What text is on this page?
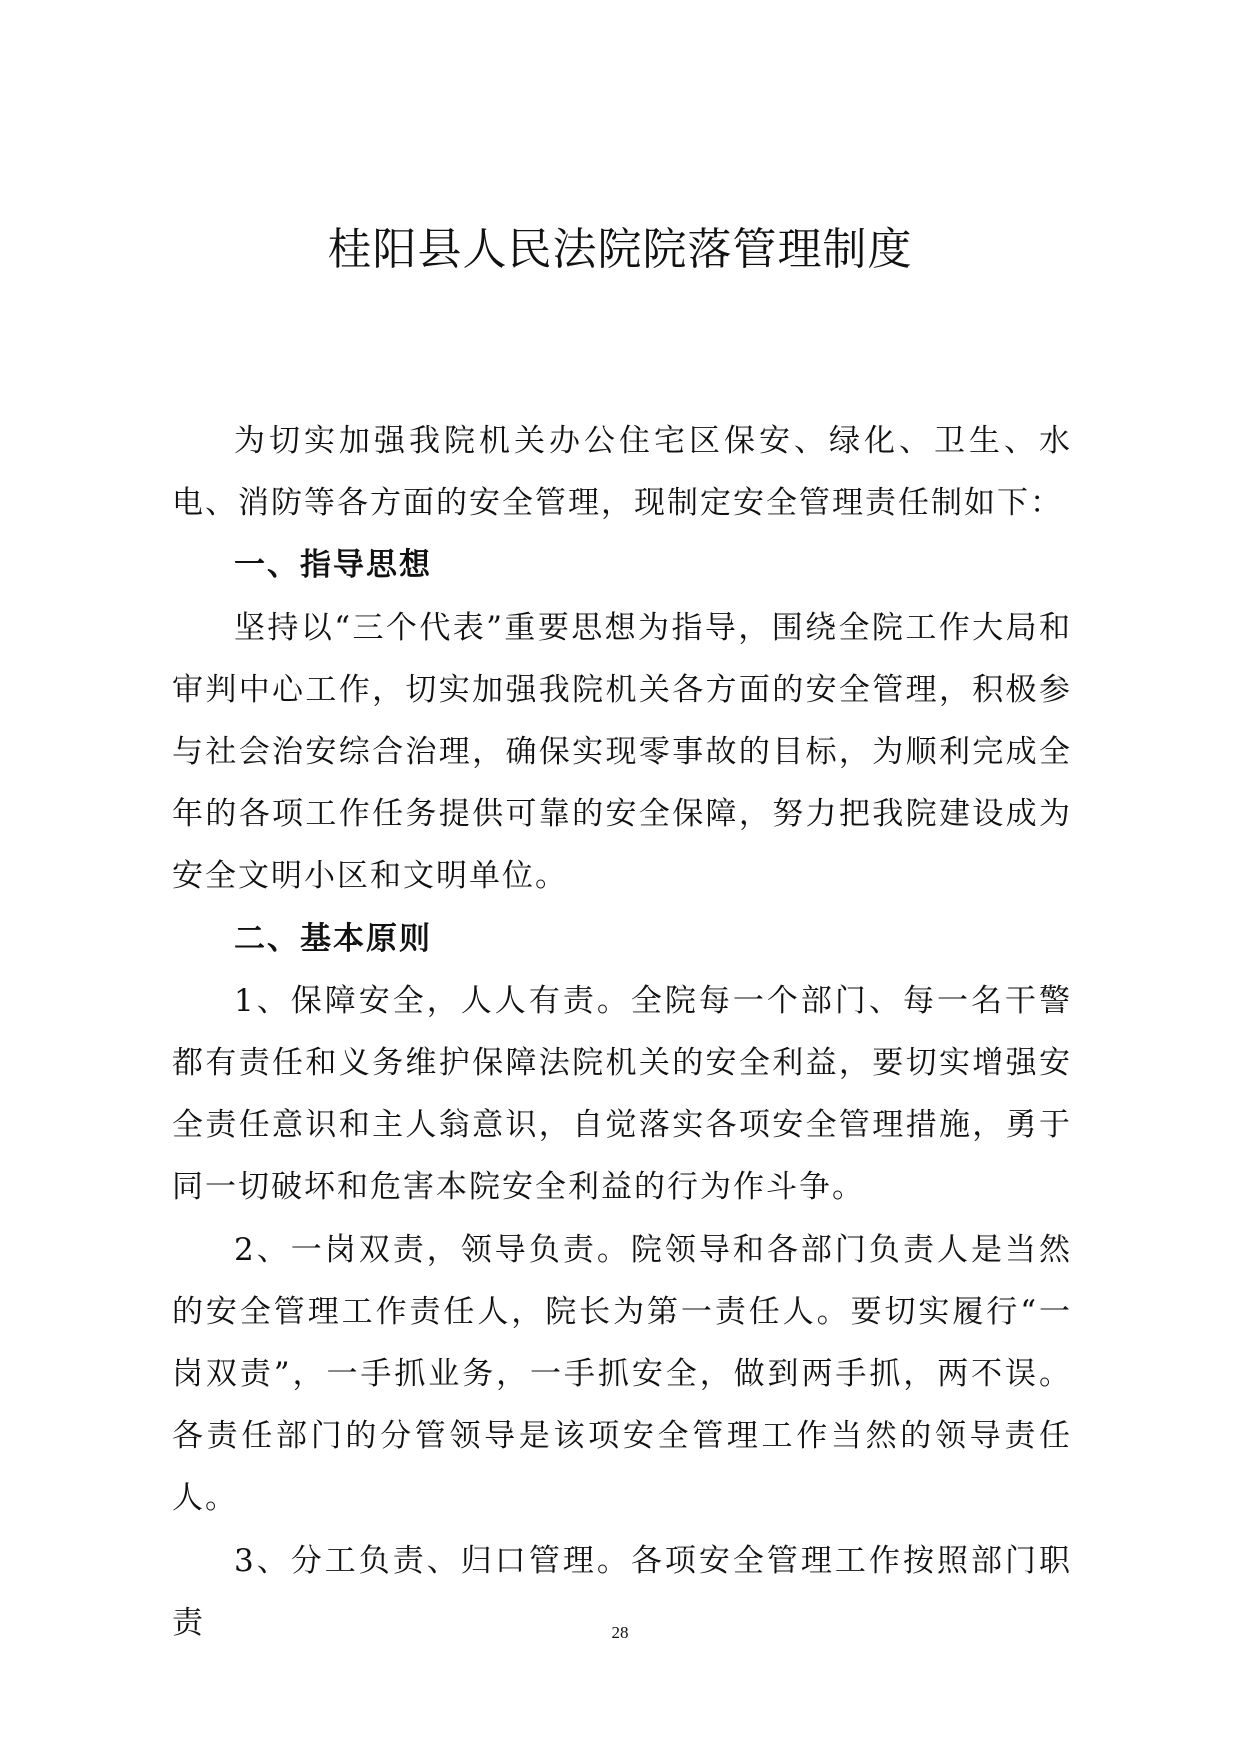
桂阳县人民法院院落管理制度

为切实加强我院机关办公住宅区保安、绿化、卫生、水电、消防等各方面的安全管理，现制定安全管理责任制如下：

一、指导思想

坚持以“三个代表”重要思想为指导，围绕全院工作大局和审判中心工作，切实加强我院机关各方面的安全管理，积极参与社会治安综合治理，确保实现零事故的目标，为顺利完成全年的各项工作任务提供可靠的安全保障，努力把我院建设成为安全文明小区和文明单位。

二、基本原则

1、保障安全，人人有责。全院每一个部门、每一名干警都有责任和义务维护保障法院机关的安全利益，要切实增强安全责任意识和主人翁意识，自觉落实各项安全管理措施，勇于同一切破坏和危害本院安全利益的行为作斗争。

2、一岗双责，领导负责。院领导和各部门负责人是当然的安全管理工作责任人，院长为第一责任人。要切实履行“一岗双责”，一手抓业务，一手抓安全，做到两手抓，两不误。各责任部门的分管领导是该项安全管理工作当然的领导责任人。

3、分工负责、归口管理。各项安全管理工作按照部门职责	28
